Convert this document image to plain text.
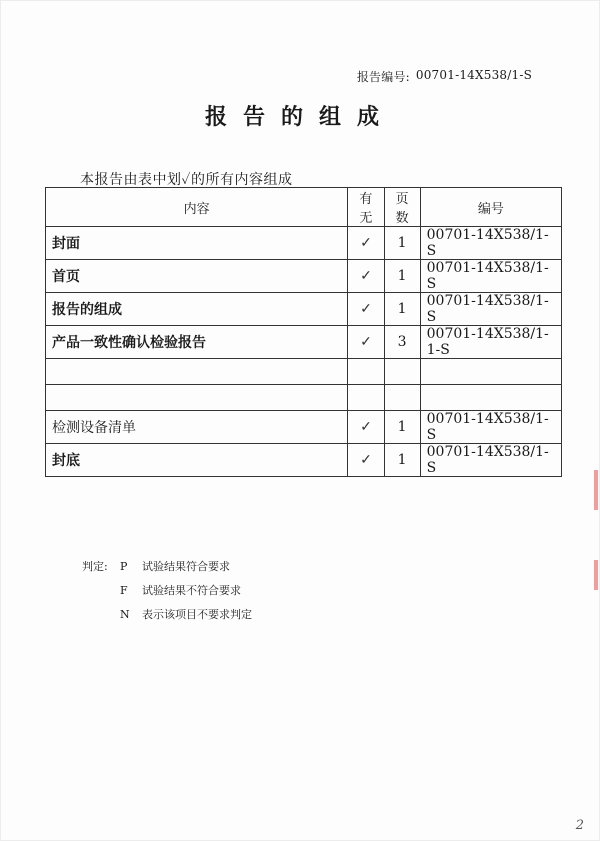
报告编号: 00701-14X538/1-S
报告的组成
本报告由表中划✓的所有内容组成
内容	有无	页数	编号
封面	✓	1	00701-14X538/1-S
首页	✓	1	00701-14X538/1-S
报告的组成	✓	1	00701-14X538/1-S
产品一致性确认检验报告	✓	3	00701-14X538/1-1-S

检测设备清单	✓	1	00701-14X538/1-S
封底	✓	1	00701-14X538/1-S
判定:	P	试验结果符合要求
F	试验结果不符合要求
N	表示该项目不要求判定
2
